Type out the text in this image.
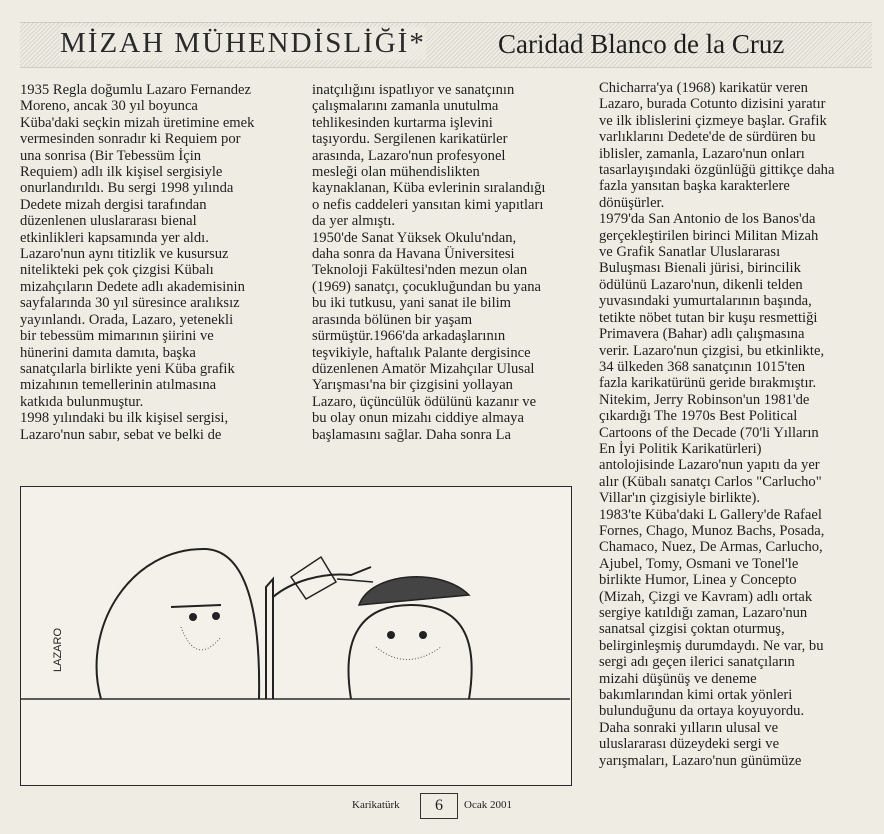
MİZAH MÜHENDİSLİĞİ*	Caridad Blanco de la Cruz
1935 Regla doğumlu Lazaro Fernandez
Moreno, ancak 30 yıl boyunca
Küba'daki seçkin mizah üretimine emek
vermesinden sonradır ki Requiem por
una sonrisa (Bir Tebessüm İçin
Requiem) adlı ilk kişisel sergisiyle
onurlandırıldı. Bu sergi 1998 yılında
Dedete mizah dergisi tarafından
düzenlenen uluslararası bienal
etkinlikleri kapsamında yer aldı.
Lazaro'nun aynı titizlik ve kusursuz
nitelikteki pek çok çizgisi Kübalı
mizahçıların Dedete adlı akademisinin
sayfalarında 30 yıl süresince aralıksız
yayınlandı. Orada, Lazaro, yetenekli
bir tebessüm mimarının şiirini ve
hünerini damıta damıta, başka
sanatçılarla birlikte yeni Küba grafik
mizahının temellerinin atılmasına
katkıda bulunmuştur.
1998 yılındaki bu ilk kişisel sergisi,
Lazaro'nun sabır, sebat ve belki de
inatçılığını ispatlıyor ve sanatçının
çalışmalarını zamanla unutulma
tehlikesinden kurtarma işlevini
taşıyordu. Sergilenen karikatürler
arasında, Lazaro'nun profesyonel
mesleği olan mühendislikten
kaynaklanan, Küba evlerinin sıralandığı
o nefis caddeleri yansıtan kimi yapıtları
da yer almıştı.
1950'de Sanat Yüksek Okulu'ndan,
daha sonra da Havana Üniversitesi
Teknoloji Fakültesi'nden mezun olan
(1969) sanatçı, çocukluğundan bu yana
bu iki tutkusu, yani sanat ile bilim
arasında bölünen bir yaşam
sürmüştür.1966'da arkadaşlarının
teşvikiyle, haftalık Palante dergisince
düzenlenen Amatör Mizahçılar Ulusal
Yarışması'na bir çizgisini yollayan
Lazaro, üçüncülük ödülünü kazanır ve
bu olay onun mizahı ciddiye almaya
başlamasını sağlar. Daha sonra La
Chicharra'ya (1968) karikatür veren
Lazaro, burada Cotunto dizisini yaratır
ve ilk iblislerini çizmeye başlar. Grafik
varlıklarını Dedete'de de sürdüren bu
iblisler, zamanla, Lazaro'nun onları
tasarlayışındaki özgünlüğü gittikçe daha
fazla yansıtan başka karakterlere
dönüşürler.
1979'da San Antonio de los Banos'da
gerçekleştirilen birinci Militan Mizah
ve Grafik Sanatlar Uluslararası
Buluşması Bienali jürisi, birincilik
ödülünü Lazaro'nun, dikenli telden
yuvasındaki yumurtalarının başında,
tetikte nöbet tutan bir kuşu resmettiği
Primavera (Bahar) adlı çalışmasına
verir. Lazaro'nun çizgisi, bu etkinlikte,
34 ülkeden 368 sanatçının 1015'ten
fazla karikatürünü geride bırakmıştır.
Nitekim, Jerry Robinson'un 1981'de
çıkardığı The 1970s Best Political
Cartoons of the Decade (70'li Yılların
En İyi Politik Karikatürleri)
antolojisinde Lazaro'nun yapıtı da yer
alır (Kübalı sanatçı Carlos "Carlucho"
Villar'ın çizgisiyle birlikte).
1983'te Küba'daki L Gallery'de Rafael
Fornes, Chago, Munoz Bachs, Posada,
Chamaco, Nuez, De Armas, Carlucho,
Ajubel, Tomy, Osmani ve Tonel'le
birlikte Humor, Linea y Concepto
(Mizah, Çizgi ve Kavram) adlı ortak
sergiye katıldığı zaman, Lazaro'nun
sanatsal çizgisi çoktan oturmuş,
belirginleşmiş durumdaydı. Ne var, bu
sergi adı geçen ilerici sanatçıların
mizahi düşünüş ve deneme
bakımlarından kimi ortak yönleri
bulunduğunu da ortaya koyuyordu.
Daha sonraki yılların ulusal ve
uluslararası düzeydeki sergi ve
yarışmaları, Lazaro'nun günümüze
LAZARO
Karikatürk	6	Ocak 2001
